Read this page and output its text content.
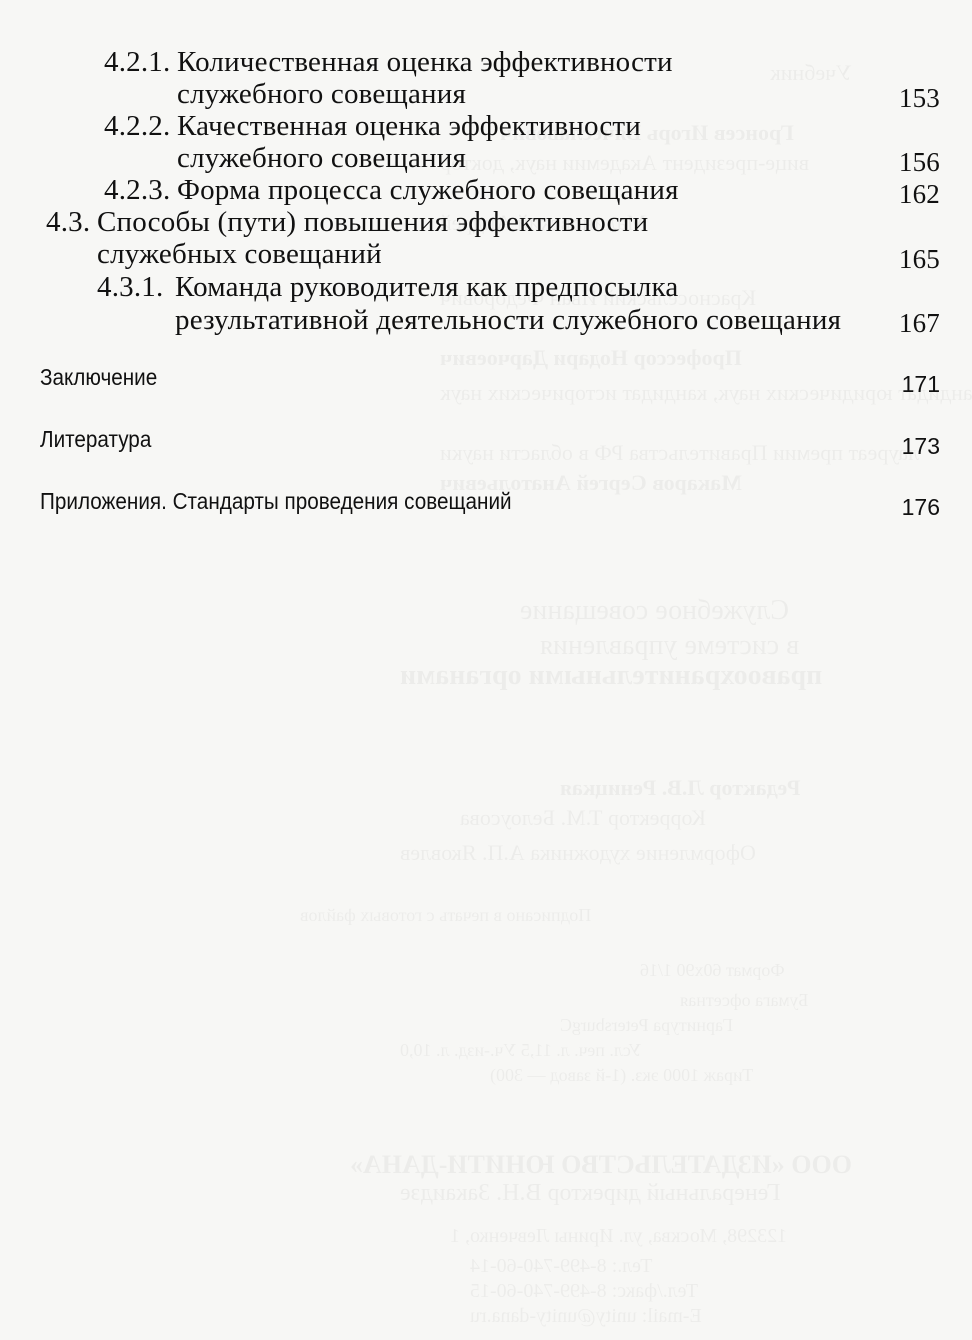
4.2.1. Количественная оценка эффективности
служебного совещания	153
4.2.2. Качественная оценка эффективности
служебного совещания	156
4.2.3. Форма процесса служебного совещания	162
4.3. Способы (пути) повышения эффективности
служебных совещаний	165
4.3.1. Команда руководителя как предпосылка
результативной деятельности служебного совещания 167
Заключение	171
Литература	173
Приложения. Стандарты проведения совещаний	176
